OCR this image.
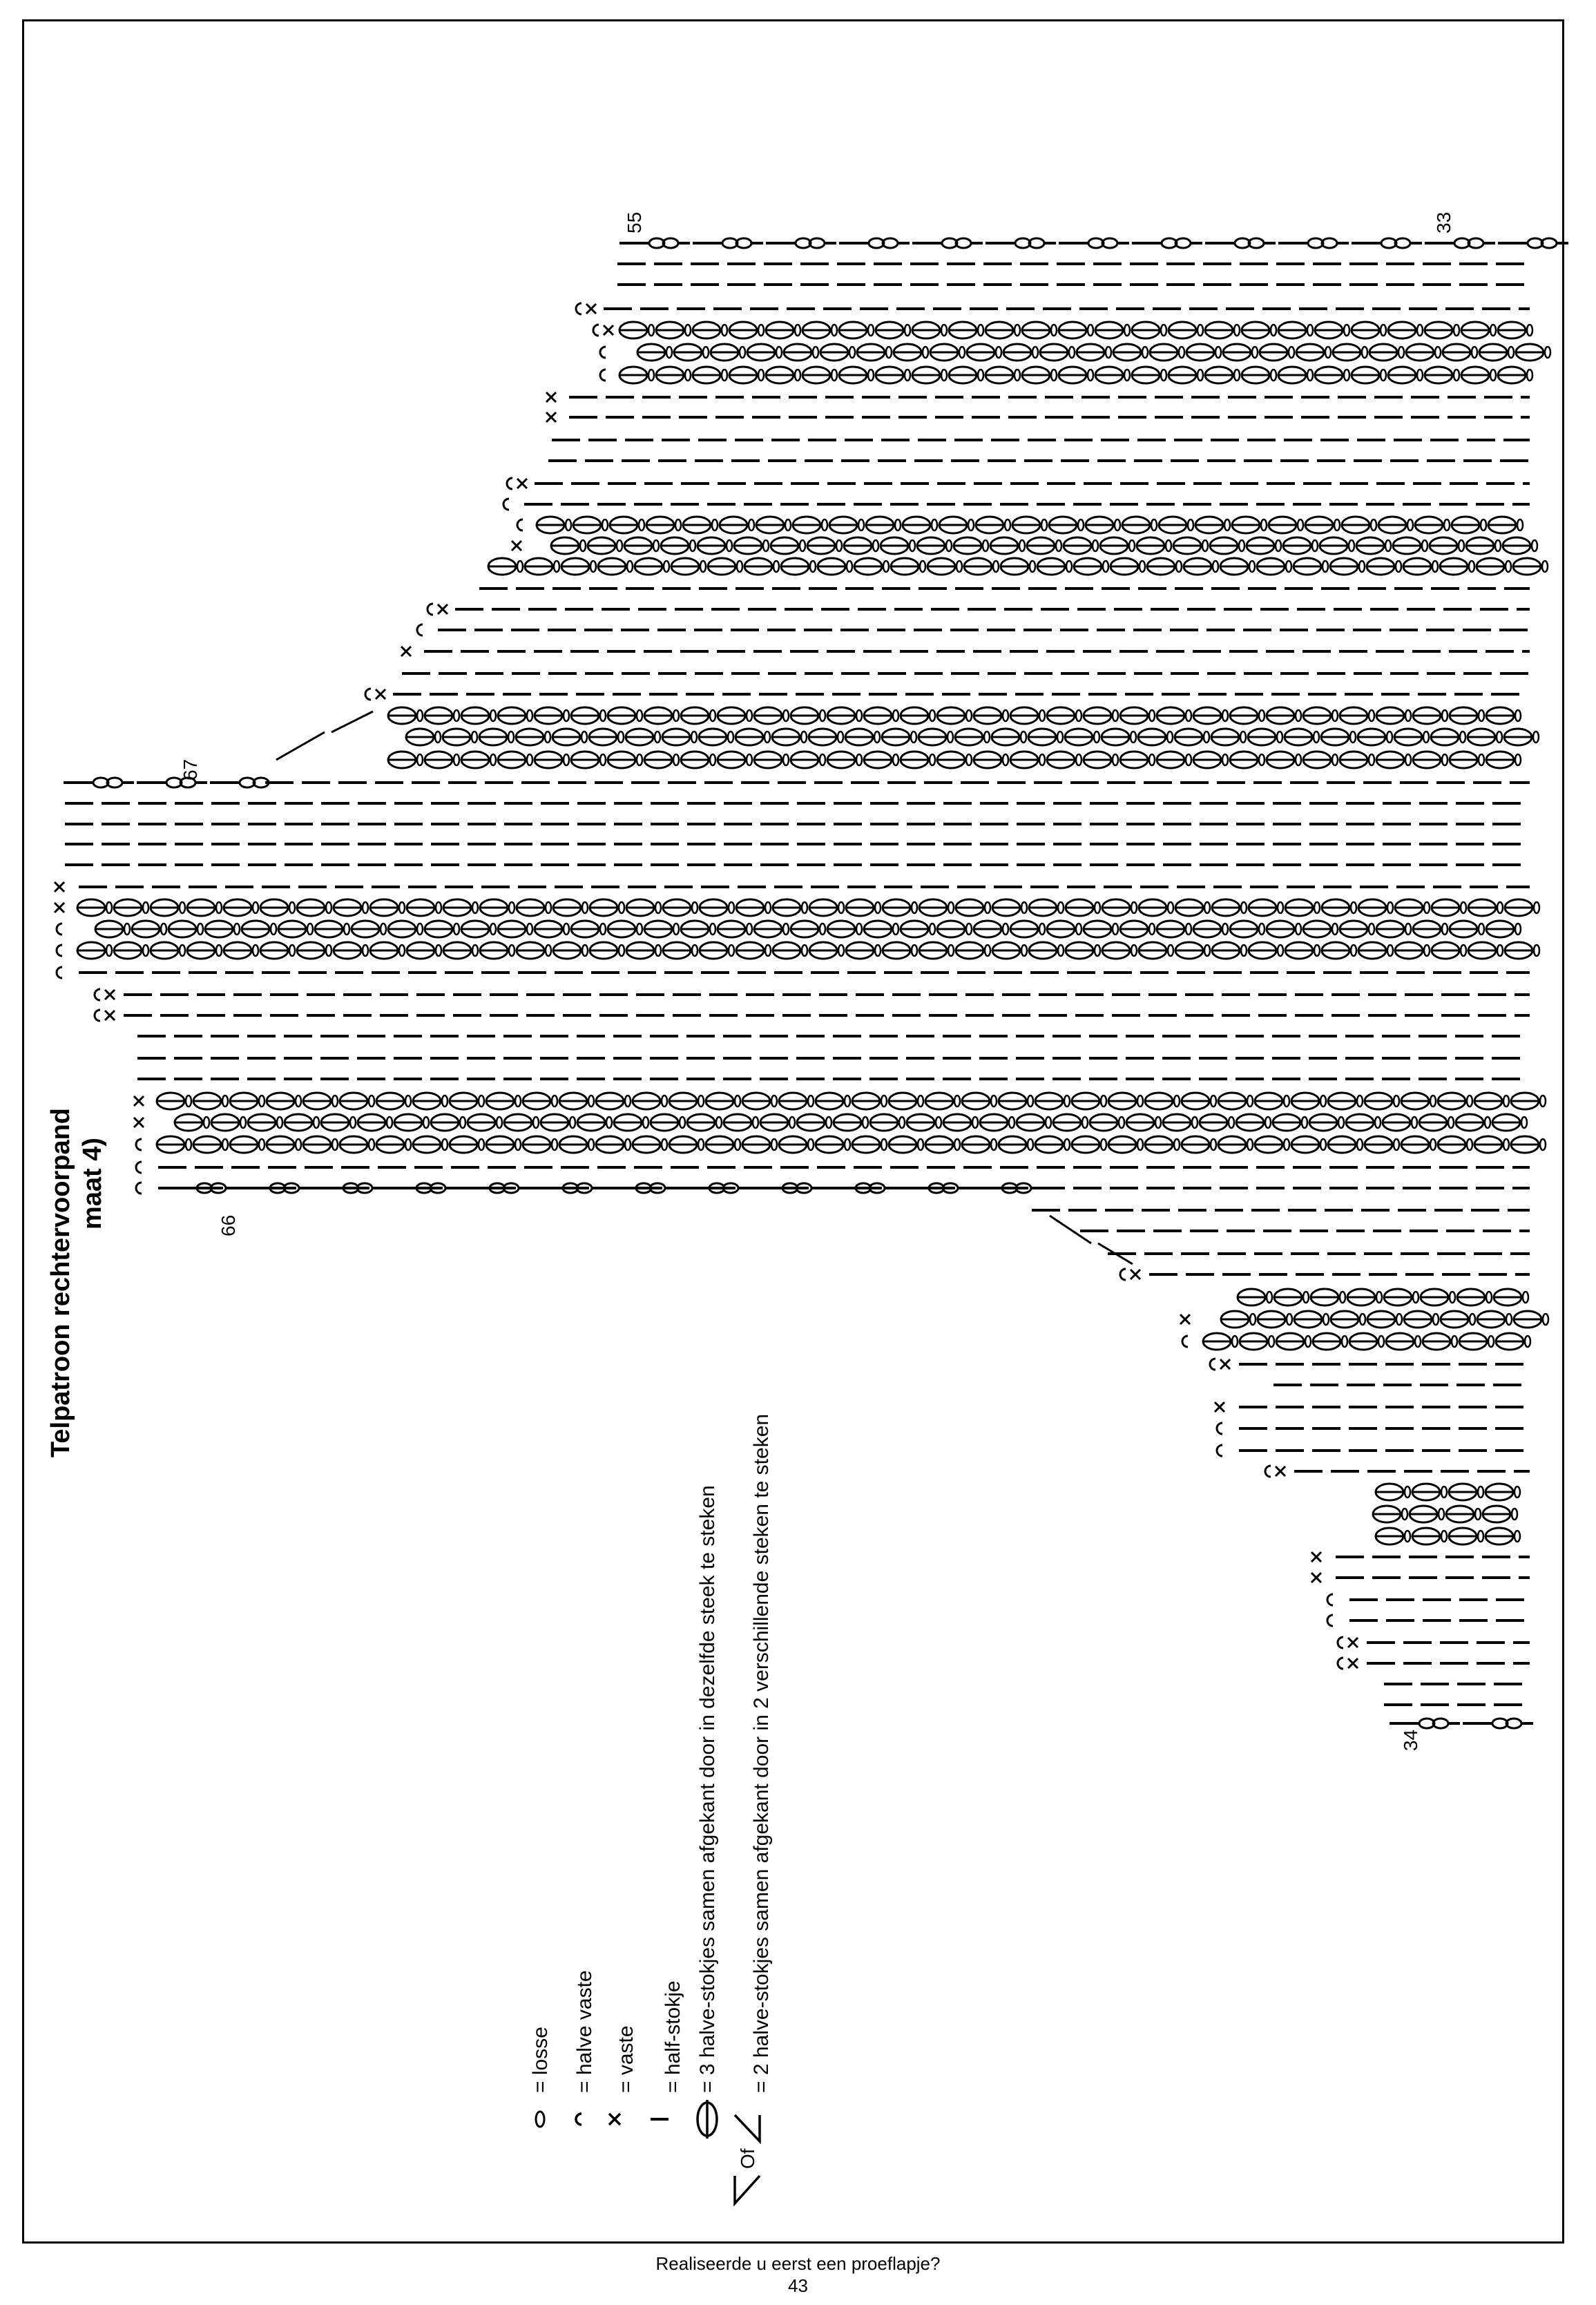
Telpatroon rechtervoorpand maat 4)
55	33
67
66
34
= losse = halve vaste = vaste = half-stokje = 3 halve-stokjes samen afgekant door in dezelfde steek te steken
Of
= 2 halve-stokjes samen afgekant door in 2 verschillende steken te steken
Realiseerde u eerst een proeflapje?
43
